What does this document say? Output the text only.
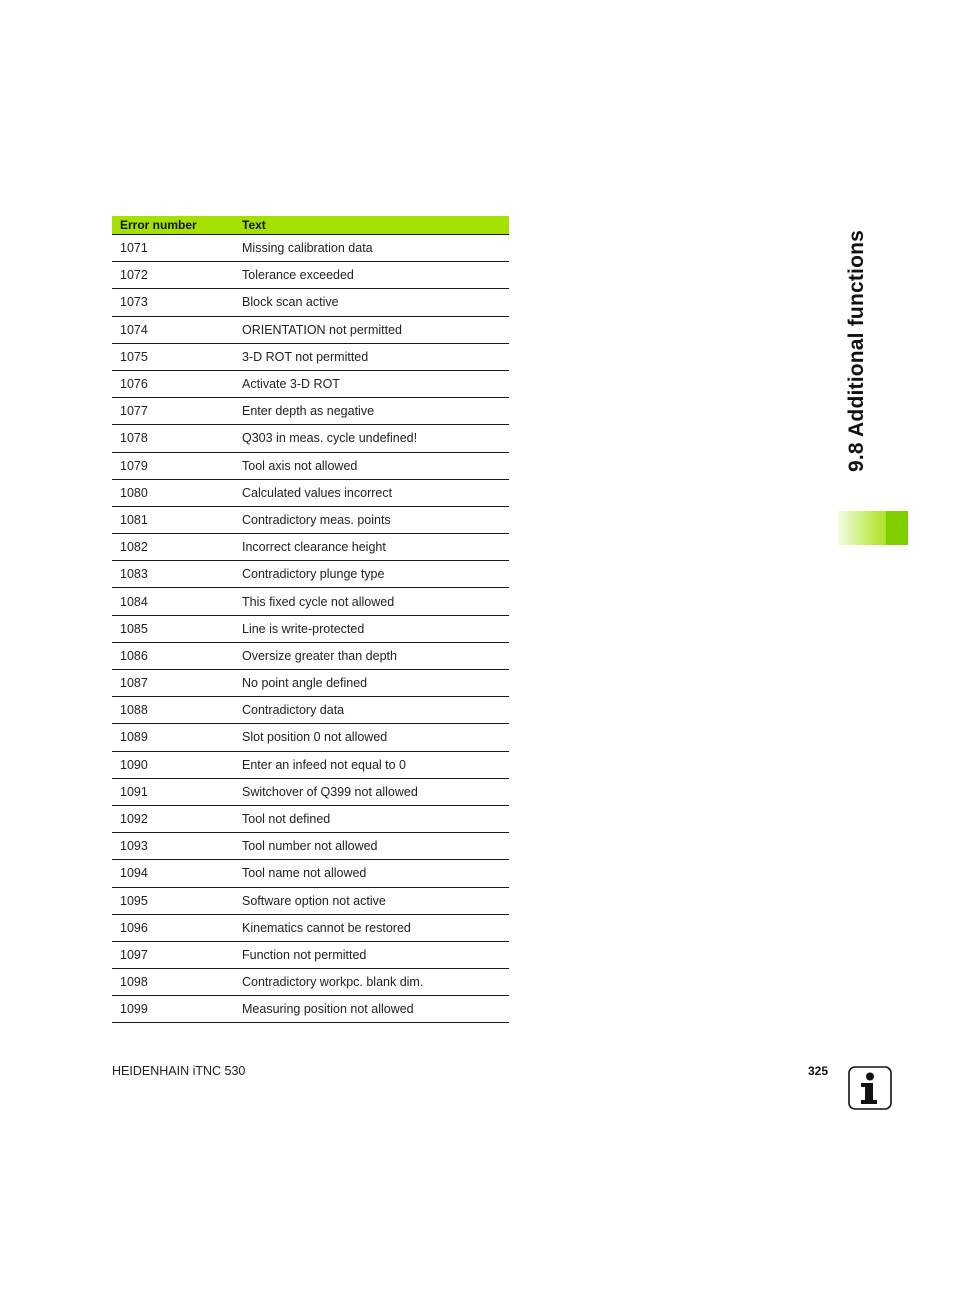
Error number	Text
1071	Missing calibration data
1072	Tolerance exceeded
1073	Block scan active
1074	ORIENTATION not permitted
1075	3-D ROT not permitted
1076	Activate 3-D ROT
1077	Enter depth as negative
1078	Q303 in meas. cycle undefined!
1079	Tool axis not allowed
1080	Calculated values incorrect
1081	Contradictory meas. points
1082	Incorrect clearance height
1083	Contradictory plunge type
1084	This fixed cycle not allowed
1085	Line is write-protected
1086	Oversize greater than depth
1087	No point angle defined
1088	Contradictory data
1089	Slot position 0 not allowed
1090	Enter an infeed not equal to 0
1091	Switchover of Q399 not allowed
1092	Tool not defined
1093	Tool number not allowed
1094	Tool name not allowed
1095	Software option not active
1096	Kinematics cannot be restored
1097	Function not permitted
1098	Contradictory workpc. blank dim.
1099	Measuring position not allowed
9.8 Additional functions
HEIDENHAIN iTNC 530	325
